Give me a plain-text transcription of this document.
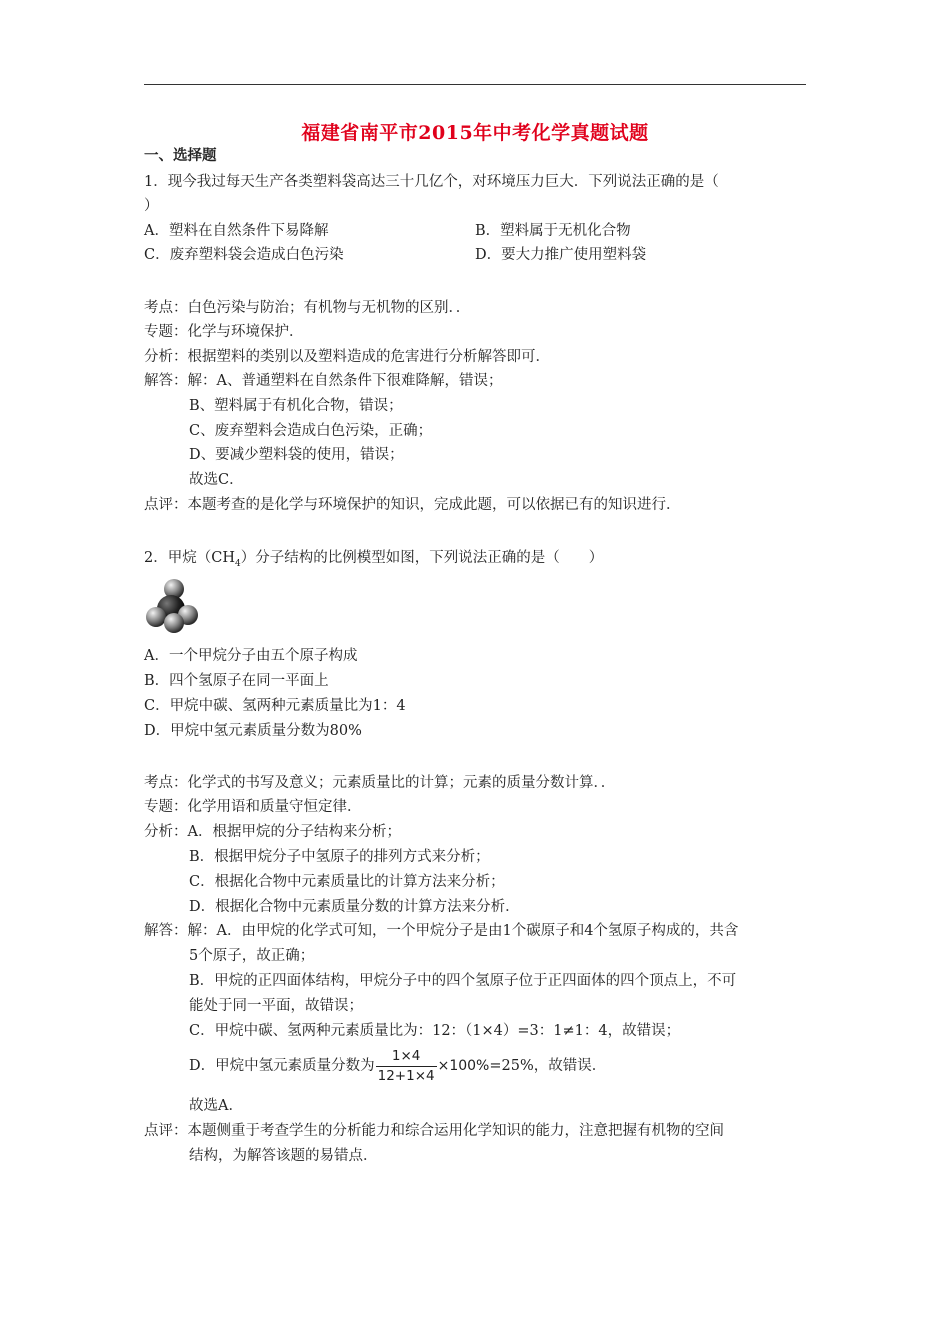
福建省南平市2015年中考化学真题试题
一、选择题
1．现今我过每天生产各类塑料袋高达三十几亿个，对环境压力巨大．下列说法正确的是（
）
A．塑料在自然条件下易降解	B．塑料属于无机化合物
C．废弃塑料袋会造成白色污染	D．要大力推广使用塑料袋
考点：白色污染与防治；有机物与无机物的区别．．
专题：化学与环境保护．
分析：根据塑料的类别以及塑料造成的危害进行分析解答即可．
解答：解：A、普通塑料在自然条件下很难降解，错误；
B、塑料属于有机化合物，错误；
C、废弃塑料会造成白色污染，正确；
D、要减少塑料袋的使用，错误；
故选C．
点评：本题考查的是化学与环境保护的知识，完成此题，可以依据已有的知识进行．
2．甲烷$(CH_4)$分子结构的比例模型如图，下列说法正确的是（　　）
A．一个甲烷分子由五个原子构成
B．四个氢原子在同一平面上
C．甲烷中碳、氢两种元素质量比为1：4
D．甲烷中氢元素质量分数为80%
考点：化学式的书写及意义；元素质量比的计算；元素的质量分数计算．．
专题：化学用语和质量守恒定律．
分析：A．根据甲烷的分子结构来分析；
B．根据甲烷分子中氢原子的排列方式来分析；
C．根据化合物中元素质量比的计算方法来分析；
D．根据化合物中元素质量分数的计算方法来分析．
解答：解：A．由甲烷的化学式可知，一个甲烷分子是由1个碳原子和4个氢原子构成的，共含
5个原子，故正确；
B．甲烷的正四面体结构，甲烷分子中的四个氢原子位于正四面体的四个顶点上，不可
能处于同一平面，故错误；
C．甲烷中碳、氢两种元素质量比为：12：（1×4）=3：1≠1：4，故错误；
D．甲烷中氢元素质量分数为 $\frac{1\times 4}{12+1\times 4} \times 100\%=25\%$，故错误．
故选A．
点评：本题侧重于考查学生的分析能力和综合运用化学知识的能力，注意把握有机物的空间
结构，为解答该题的易错点．
